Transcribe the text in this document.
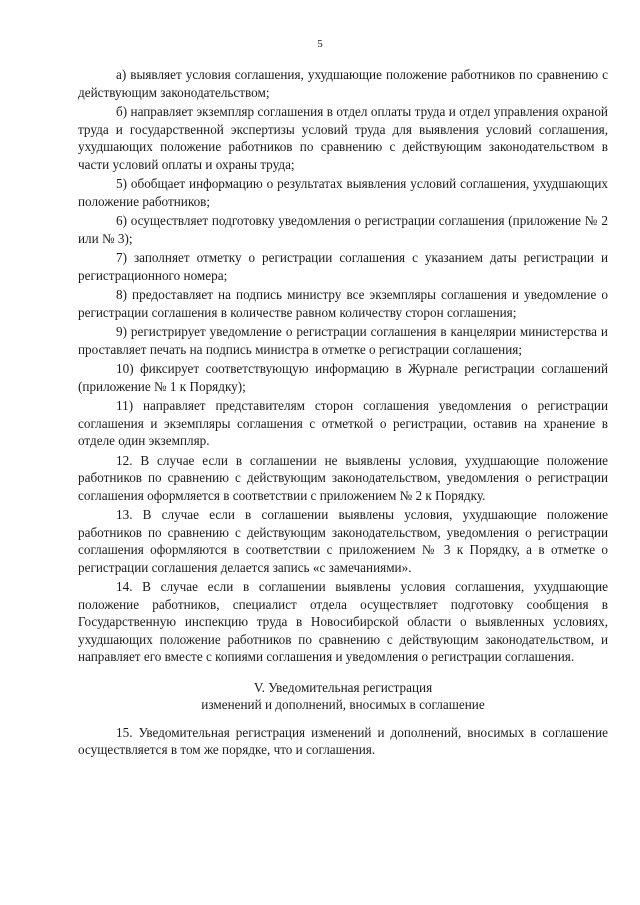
5

а) выявляет условия соглашения, ухудшающие положение работников по сравнению с действующим законодательством;

б) направляет экземпляр соглашения в отдел оплаты труда и отдел управления охраной труда и государственной экспертизы условий труда для выявления условий соглашения, ухудшающих положение работников по сравнению с действующим законодательством в части условий оплаты и охраны труда;

5) обобщает информацию о результатах выявления условий соглашения, ухудшающих положение работников;

6) осуществляет подготовку уведомления о регистрации соглашения (приложение № 2 или № 3);

7) заполняет отметку о регистрации соглашения с указанием даты регистрации и регистрационного номера;

8) предоставляет на подпись министру все экземпляры соглашения и уведомление о регистрации соглашения в количестве равном количеству сторон соглашения;

9) регистрирует уведомление о регистрации соглашения в канцелярии министерства и проставляет печать на подпись министра в отметке о регистрации соглашения;

10) фиксирует соответствующую информацию в Журнале регистрации соглашений (приложение № 1 к Порядку);

11) направляет представителям сторон соглашения уведомления о регистрации соглашения и экземпляры соглашения с отметкой о регистрации, оставив на хранение в отделе один экземпляр.

12. В случае если в соглашении не выявлены условия, ухудшающие положение работников по сравнению с действующим законодательством, уведомления о регистрации соглашения оформляется в соответствии с приложением № 2 к Порядку.

13. В случае если в соглашении выявлены условия, ухудшающие положение работников по сравнению с действующим законодательством, уведомления о регистрации соглашения оформляются в соответствии с приложением № 3 к Порядку, а в отметке о регистрации соглашения делается запись «с замечаниями».

14. В случае если в соглашении выявлены условия соглашения, ухудшающие положение работников, специалист отдела осуществляет подготовку сообщения в Государственную инспекцию труда в Новосибирской области о выявленных условиях, ухудшающих положение работников по сравнению с действующим законодательством, и направляет его вместе с копиями соглашения и уведомления о регистрации соглашения.

V. Уведомительная регистрация
изменений и дополнений, вносимых в соглашение

15. Уведомительная регистрация изменений и дополнений, вносимых в соглашение осуществляется в том же порядке, что и соглашения.
